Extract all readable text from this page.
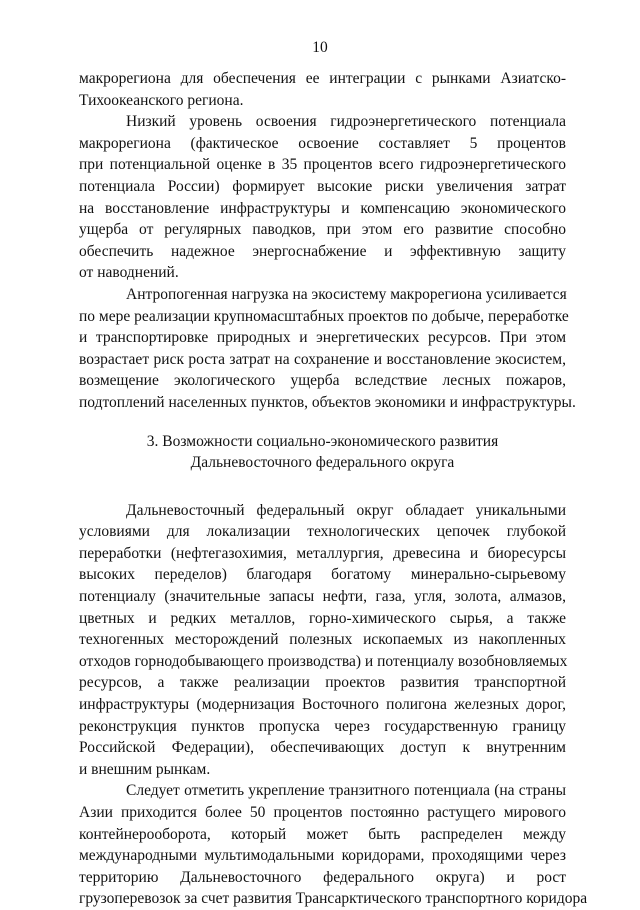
10

макрорегиона для обеспечения ее интеграции с рынками Азиатско-
Тихоокеанского региона.

Низкий уровень освоения гидроэнергетического потенциала
макрорегиона (фактическое освоение составляет 5 процентов
при потенциальной оценке в 35 процентов всего гидроэнергетического
потенциала России) формирует высокие риски увеличения затрат
на восстановление инфраструктуры и компенсацию экономического
ущерба от регулярных паводков, при этом его развитие способно
обеспечить надежное энергоснабжение и эффективную защиту
от наводнений.

Антропогенная нагрузка на экосистему макрорегиона усиливается
по мере реализации крупномасштабных проектов по добыче, переработке
и транспортировке природных и энергетических ресурсов. При этом
возрастает риск роста затрат на сохранение и восстановление экосистем,
возмещение экологического ущерба вследствие лесных пожаров,
подтоплений населенных пунктов, объектов экономики и инфраструктуры.

3. Возможности социально-экономического развития
Дальневосточного федерального округа

Дальневосточный федеральный округ обладает уникальными
условиями для локализации технологических цепочек глубокой
переработки (нефтегазохимия, металлургия, древесина и биоресурсы
высоких переделов) благодаря богатому минерально-сырьевому
потенциалу (значительные запасы нефти, газа, угля, золота, алмазов,
цветных и редких металлов, горно-химического сырья, а также
техногенных месторождений полезных ископаемых из накопленных
отходов горнодобывающего производства) и потенциалу возобновляемых
ресурсов, а также реализации проектов развития транспортной
инфраструктуры (модернизация Восточного полигона железных дорог,
реконструкция пунктов пропуска через государственную границу
Российской Федерации), обеспечивающих доступ к внутренним
и внешним рынкам.

Следует отметить укрепление транзитного потенциала (на страны
Азии приходится более 50 процентов постоянно растущего мирового
контейнерооборота, который может быть распределен между
международными мультимодальными коридорами, проходящими через
территорию Дальневосточного федерального округа) и рост
грузоперевозок за счет развития Трансарктического транспортного коридора
